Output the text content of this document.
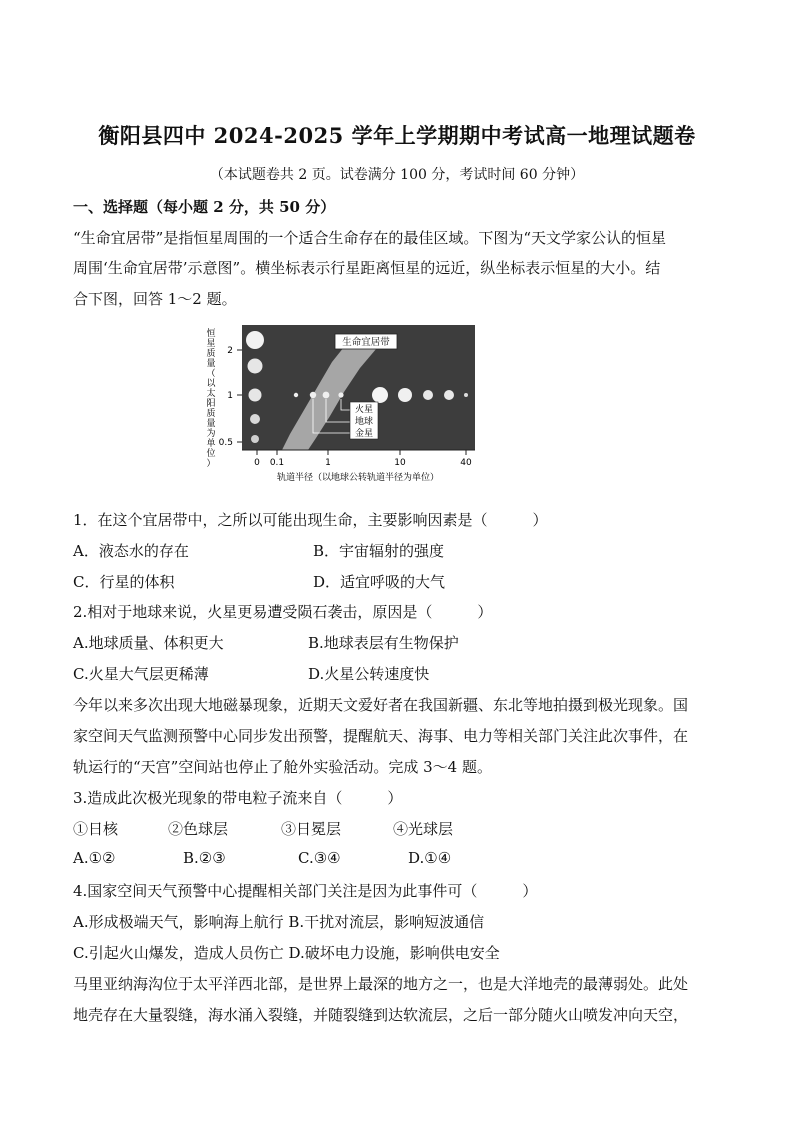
衡阳县四中 2024-2025 学年上学期期中考试高一地理试题卷
（本试题卷共 2 页。试卷满分 100 分，考试时间 60 分钟）
一、选择题（每小题 2 分，共 50 分）
“生命宜居带”是指恒星周围的一个适合生命存在的最佳区域。下图为“天文学家公认的恒星
周围‘生命宜居带’示意图”。横坐标表示行星距离恒星的远近，纵坐标表示恒星的大小。结
合下图，回答 1～2 题。
恒
星
质
量
（
以
太
阳
质
量
为
单
位
）
2
1
0.5
生命宜居带
火星
地球
金星
0 0.1	1	10	40
轨道半径（以地球公转轨道半径为单位）
1．在这个宜居带中，之所以可能出现生命，主要影响因素是（　　　）
A．液态水的存在	B．宇宙辐射的强度
C．行星的体积	D．适宜呼吸的大气
2.相对于地球来说，火星更易遭受陨石袭击，原因是（　　　）
A.地球质量、体积更大	B.地球表层有生物保护
C.火星大气层更稀薄	D.火星公转速度快
今年以来多次出现大地磁暴现象，近期天文爱好者在我国新疆、东北等地拍摄到极光现象。国
家空间天气监测预警中心同步发出预警，提醒航天、海事、电力等相关部门关注此次事件，在
轨运行的“天宫”空间站也停止了舱外实验活动。完成 3～4 题。
3.造成此次极光现象的带电粒子流来自（　　　）
①日核	②色球层	③日冕层	④光球层
A.①②	B.②③	C.③④	D.①④
4.国家空间天气预警中心提醒相关部门关注是因为此事件可（　　　）
A.形成极端天气，影响海上航行 B.干扰对流层，影响短波通信
C.引起火山爆发，造成人员伤亡 D.破坏电力设施，影响供电安全
马里亚纳海沟位于太平洋西北部，是世界上最深的地方之一，也是大洋地壳的最薄弱处。此处
地壳存在大量裂缝，海水涌入裂缝，并随裂缝到达软流层，之后一部分随火山喷发冲向天空，
